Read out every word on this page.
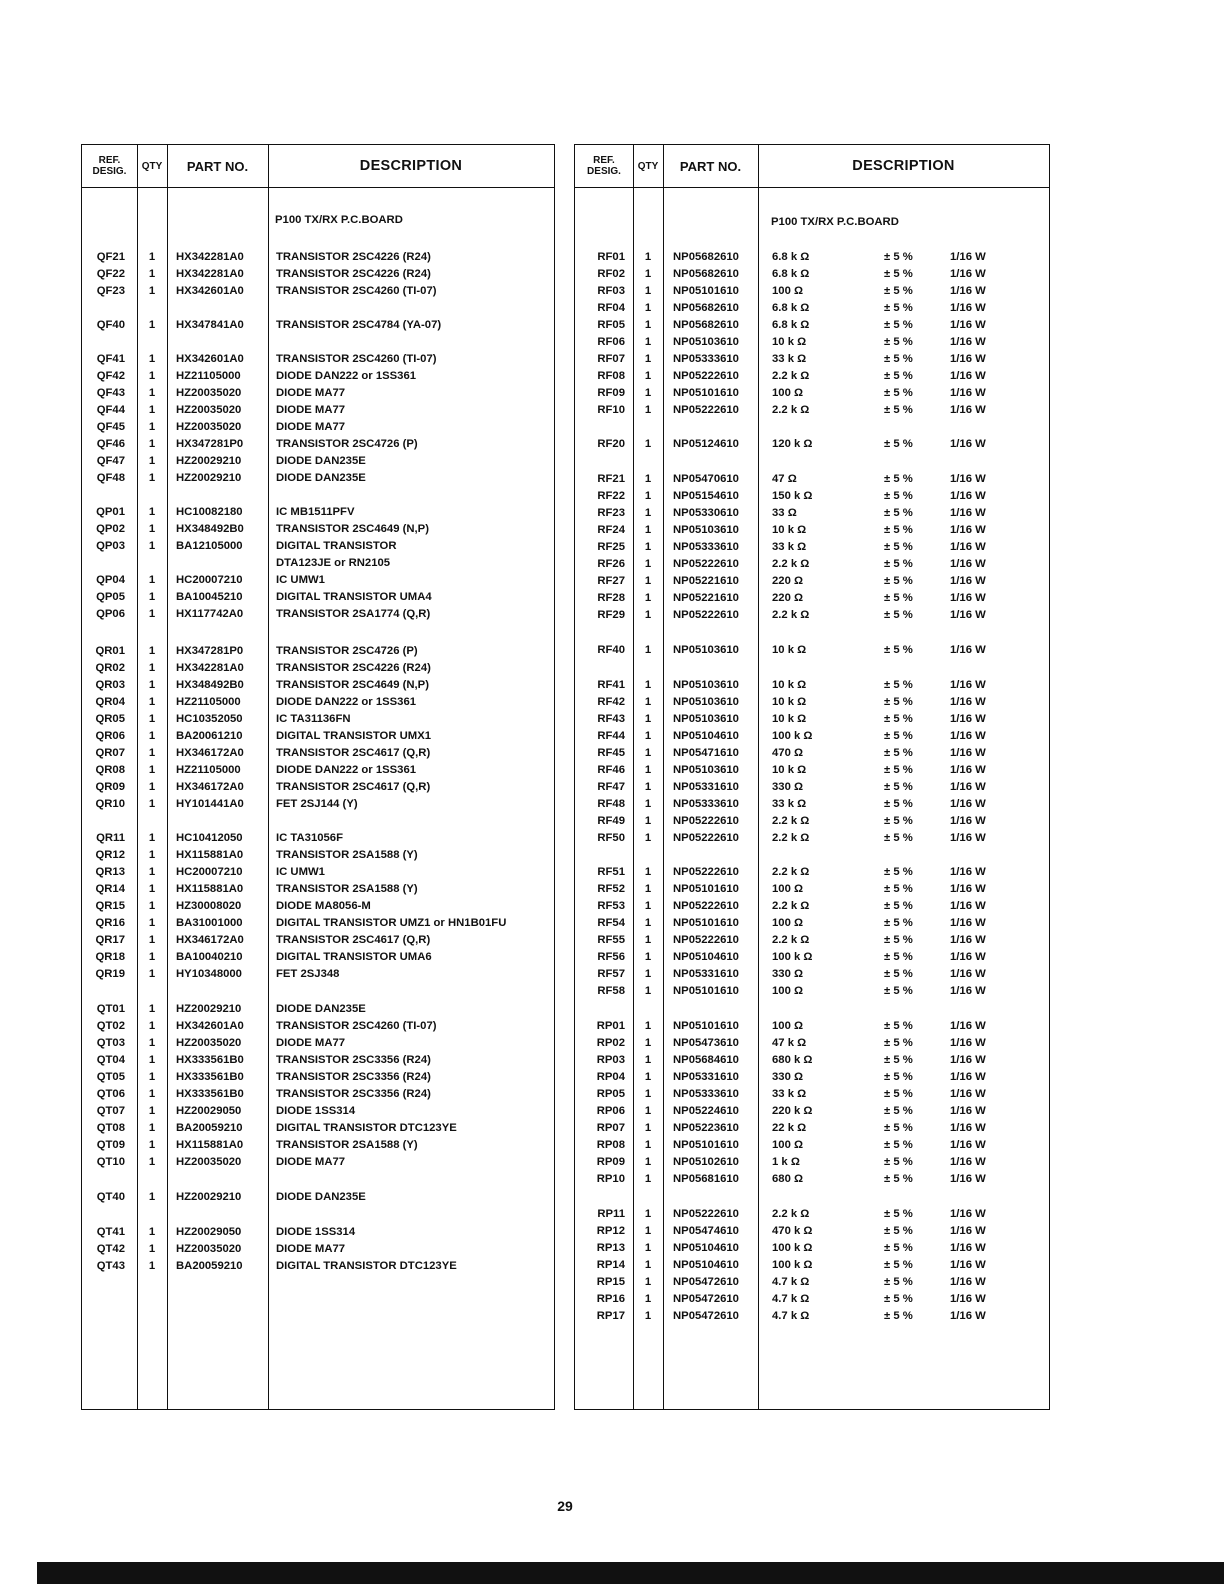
REF. DESIG.	QTY	PART NO.	DESCRIPTION
P100 TX/RX P.C.BOARD
QF21	1	HX342281A0	TRANSISTOR 2SC4226 (R24)
QF22	1	HX342281A0	TRANSISTOR 2SC4226 (R24)
QF23	1	HX342601A0	TRANSISTOR 2SC4260 (TI-07)
QF40	1	HX347841A0	TRANSISTOR 2SC4784 (YA-07)
QF41	1	HX342601A0	TRANSISTOR 2SC4260 (TI-07)
QF42	1	HZ21105000	DIODE DAN222 or 1SS361
QF43	1	HZ20035020	DIODE MA77
QF44	1	HZ20035020	DIODE MA77
QF45	1	HZ20035020	DIODE MA77
QF46	1	HX347281P0	TRANSISTOR 2SC4726 (P)
QF47	1	HZ20029210	DIODE DAN235E
QF48	1	HZ20029210	DIODE DAN235E
QP01	1	HC10082180	IC MB1511PFV
QP02	1	HX348492B0	TRANSISTOR 2SC4649 (N,P)
QP03	1	BA12105000	DIGITAL TRANSISTOR
DTA123JE or RN2105
QP04	1	HC20007210	IC UMW1
QP05	1	BA10045210	DIGITAL TRANSISTOR UMA4
QP06	1	HX117742A0	TRANSISTOR 2SA1774 (Q,R)
QR01	1	HX347281P0	TRANSISTOR 2SC4726 (P)
QR02	1	HX342281A0	TRANSISTOR 2SC4226 (R24)
QR03	1	HX348492B0	TRANSISTOR 2SC4649 (N,P)
QR04	1	HZ21105000	DIODE DAN222 or 1SS361
QR05	1	HC10352050	IC TA31136FN
QR06	1	BA20061210	DIGITAL TRANSISTOR UMX1
QR07	1	HX346172A0	TRANSISTOR 2SC4617 (Q,R)
QR08	1	HZ21105000	DIODE DAN222 or 1SS361
QR09	1	HX346172A0	TRANSISTOR 2SC4617 (Q,R)
QR10	1	HY101441A0	FET 2SJ144 (Y)
QR11	1	HC10412050	IC TA31056F
QR12	1	HX115881A0	TRANSISTOR 2SA1588 (Y)
QR13	1	HC20007210	IC UMW1
QR14	1	HX115881A0	TRANSISTOR 2SA1588 (Y)
QR15	1	HZ30008020	DIODE MA8056-M
QR16	1	BA31001000	DIGITAL TRANSISTOR UMZ1 or HN1B01FU
QR17	1	HX346172A0	TRANSISTOR 2SC4617 (Q,R)
QR18	1	BA10040210	DIGITAL TRANSISTOR UMA6
QR19	1	HY10348000	FET 2SJ348
QT01	1	HZ20029210	DIODE DAN235E
QT02	1	HX342601A0	TRANSISTOR 2SC4260 (TI-07)
QT03	1	HZ20035020	DIODE MA77
QT04	1	HX333561B0	TRANSISTOR 2SC3356 (R24)
QT05	1	HX333561B0	TRANSISTOR 2SC3356 (R24)
QT06	1	HX333561B0	TRANSISTOR 2SC3356 (R24)
QT07	1	HZ20029050	DIODE 1SS314
QT08	1	BA20059210	DIGITAL TRANSISTOR DTC123YE
QT09	1	HX115881A0	TRANSISTOR 2SA1588 (Y)
QT10	1	HZ20035020	DIODE MA77
QT40	1	HZ20029210	DIODE DAN235E
QT41	1	HZ20029050	DIODE 1SS314
QT42	1	HZ20035020	DIODE MA77
QT43	1	BA20059210	DIGITAL TRANSISTOR DTC123YE
REF. DESIG.	QTY	PART NO.	DESCRIPTION
P100 TX/RX P.C.BOARD
RF01	1	NP05682610	6.8 k Ω	± 5 %	1/16 W
RF02	1	NP05682610	6.8 k Ω	± 5 %	1/16 W
RF03	1	NP05101610	100 Ω	± 5 %	1/16 W
RF04	1	NP05682610	6.8 k Ω	± 5 %	1/16 W
RF05	1	NP05682610	6.8 k Ω	± 5 %	1/16 W
RF06	1	NP05103610	10 k Ω	± 5 %	1/16 W
RF07	1	NP05333610	33 k Ω	± 5 %	1/16 W
RF08	1	NP05222610	2.2 k Ω	± 5 %	1/16 W
RF09	1	NP05101610	100 Ω	± 5 %	1/16 W
RF10	1	NP05222610	2.2 k Ω	± 5 %	1/16 W
RF20	1	NP05124610	120 k Ω	± 5 %	1/16 W
RF21	1	NP05470610	47 Ω	± 5 %	1/16 W
RF22	1	NP05154610	150 k Ω	± 5 %	1/16 W
RF23	1	NP05330610	33 Ω	± 5 %	1/16 W
RF24	1	NP05103610	10 k Ω	± 5 %	1/16 W
RF25	1	NP05333610	33 k Ω	± 5 %	1/16 W
RF26	1	NP05222610	2.2 k Ω	± 5 %	1/16 W
RF27	1	NP05221610	220 Ω	± 5 %	1/16 W
RF28	1	NP05221610	220 Ω	± 5 %	1/16 W
RF29	1	NP05222610	2.2 k Ω	± 5 %	1/16 W
RF40	1	NP05103610	10 k Ω	± 5 %	1/16 W
RF41	1	NP05103610	10 k Ω	± 5 %	1/16 W
RF42	1	NP05103610	10 k Ω	± 5 %	1/16 W
RF43	1	NP05103610	10 k Ω	± 5 %	1/16 W
RF44	1	NP05104610	100 k Ω	± 5 %	1/16 W
RF45	1	NP05471610	470 Ω	± 5 %	1/16 W
RF46	1	NP05103610	10 k Ω	± 5 %	1/16 W
RF47	1	NP05331610	330 Ω	± 5 %	1/16 W
RF48	1	NP05333610	33 k Ω	± 5 %	1/16 W
RF49	1	NP05222610	2.2 k Ω	± 5 %	1/16 W
RF50	1	NP05222610	2.2 k Ω	± 5 %	1/16 W
RF51	1	NP05222610	2.2 k Ω	± 5 %	1/16 W
RF52	1	NP05101610	100 Ω	± 5 %	1/16 W
RF53	1	NP05222610	2.2 k Ω	± 5 %	1/16 W
RF54	1	NP05101610	100 Ω	± 5 %	1/16 W
RF55	1	NP05222610	2.2 k Ω	± 5 %	1/16 W
RF56	1	NP05104610	100 k Ω	± 5 %	1/16 W
RF57	1	NP05331610	330 Ω	± 5 %	1/16 W
RF58	1	NP05101610	100 Ω	± 5 %	1/16 W
RP01	1	NP05101610	100 Ω	± 5 %	1/16 W
RP02	1	NP05473610	47 k Ω	± 5 %	1/16 W
RP03	1	NP05684610	680 k Ω	± 5 %	1/16 W
RP04	1	NP05331610	330 Ω	± 5 %	1/16 W
RP05	1	NP05333610	33 k Ω	± 5 %	1/16 W
RP06	1	NP05224610	220 k Ω	± 5 %	1/16 W
RP07	1	NP05223610	22 k Ω	± 5 %	1/16 W
RP08	1	NP05101610	100 Ω	± 5 %	1/16 W
RP09	1	NP05102610	1 k Ω	± 5 %	1/16 W
RP10	1	NP05681610	680 Ω	± 5 %	1/16 W
RP11	1	NP05222610	2.2 k Ω	± 5 %	1/16 W
RP12	1	NP05474610	470 k Ω	± 5 %	1/16 W
RP13	1	NP05104610	100 k Ω	± 5 %	1/16 W
RP14	1	NP05104610	100 k Ω	± 5 %	1/16 W
RP15	1	NP05472610	4.7 k Ω	± 5 %	1/16 W
RP16	1	NP05472610	4.7 k Ω	± 5 %	1/16 W
RP17	1	NP05472610	4.7 k Ω	± 5 %	1/16 W
29
